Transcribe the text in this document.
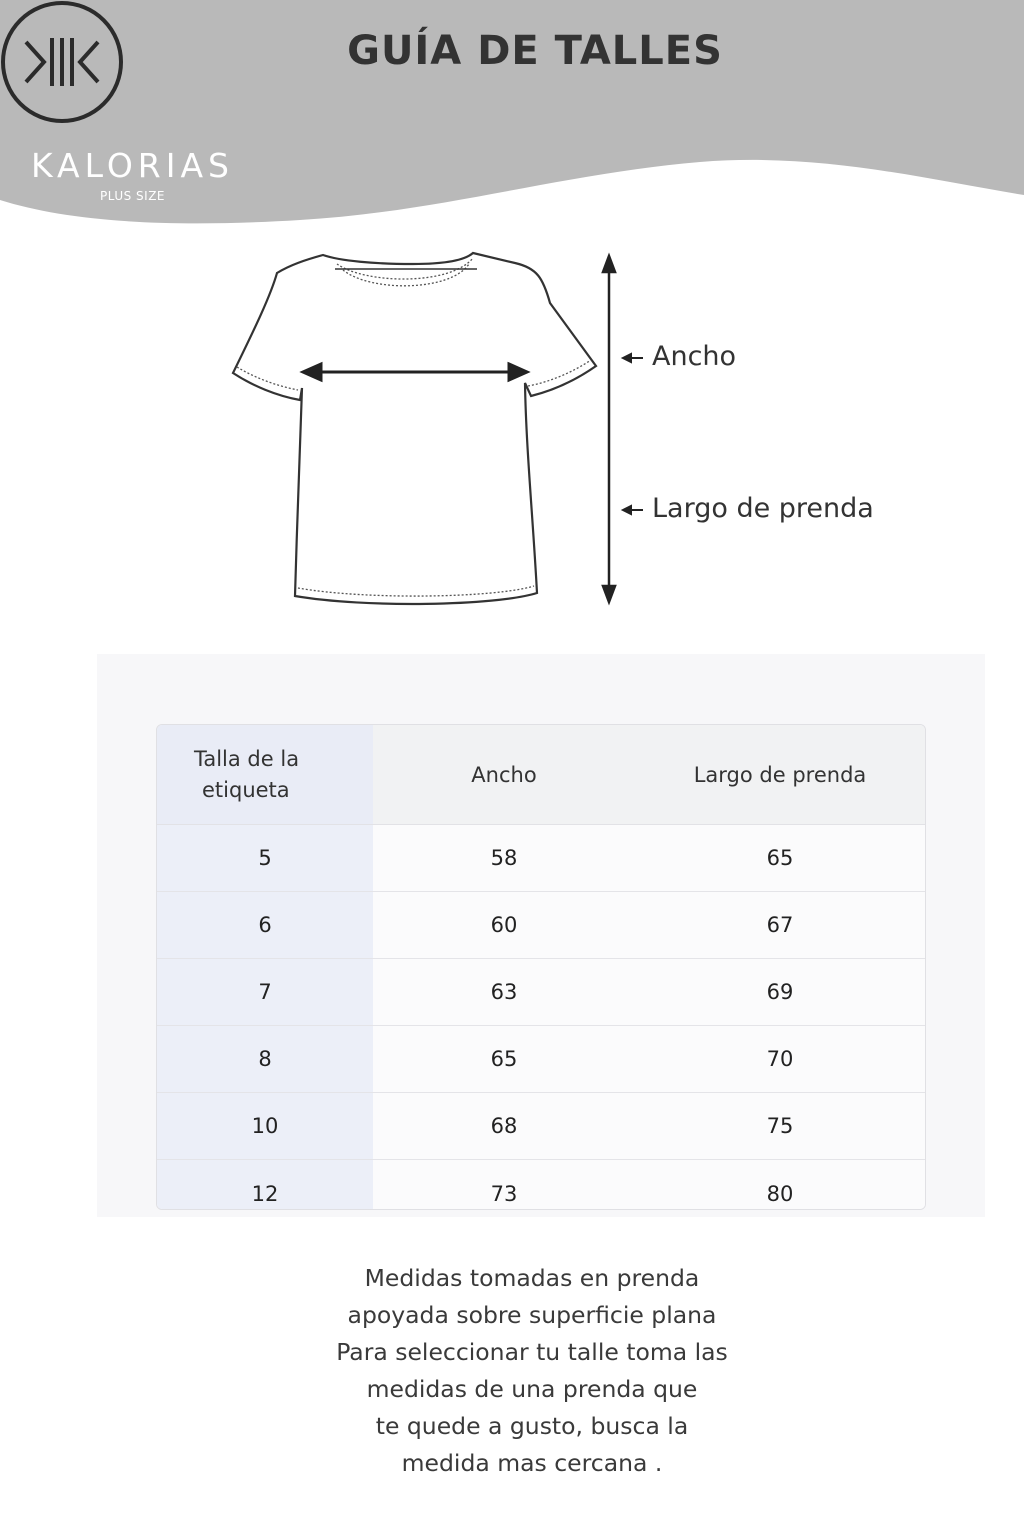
GUÍA DE TALLES
KALORIAS
PLUS SIZE
Ancho
Largo de prenda
Talla de la
etiqueta	Ancho	Largo de prenda
5	58	65
6	60	67
7	63	69
8	65	70
10	68	75
12	73	80
Medidas tomadas en prenda
apoyada sobre superficie plana
Para seleccionar tu talle toma las
medidas de una prenda que
te quede a gusto, busca la
medida mas cercana .
